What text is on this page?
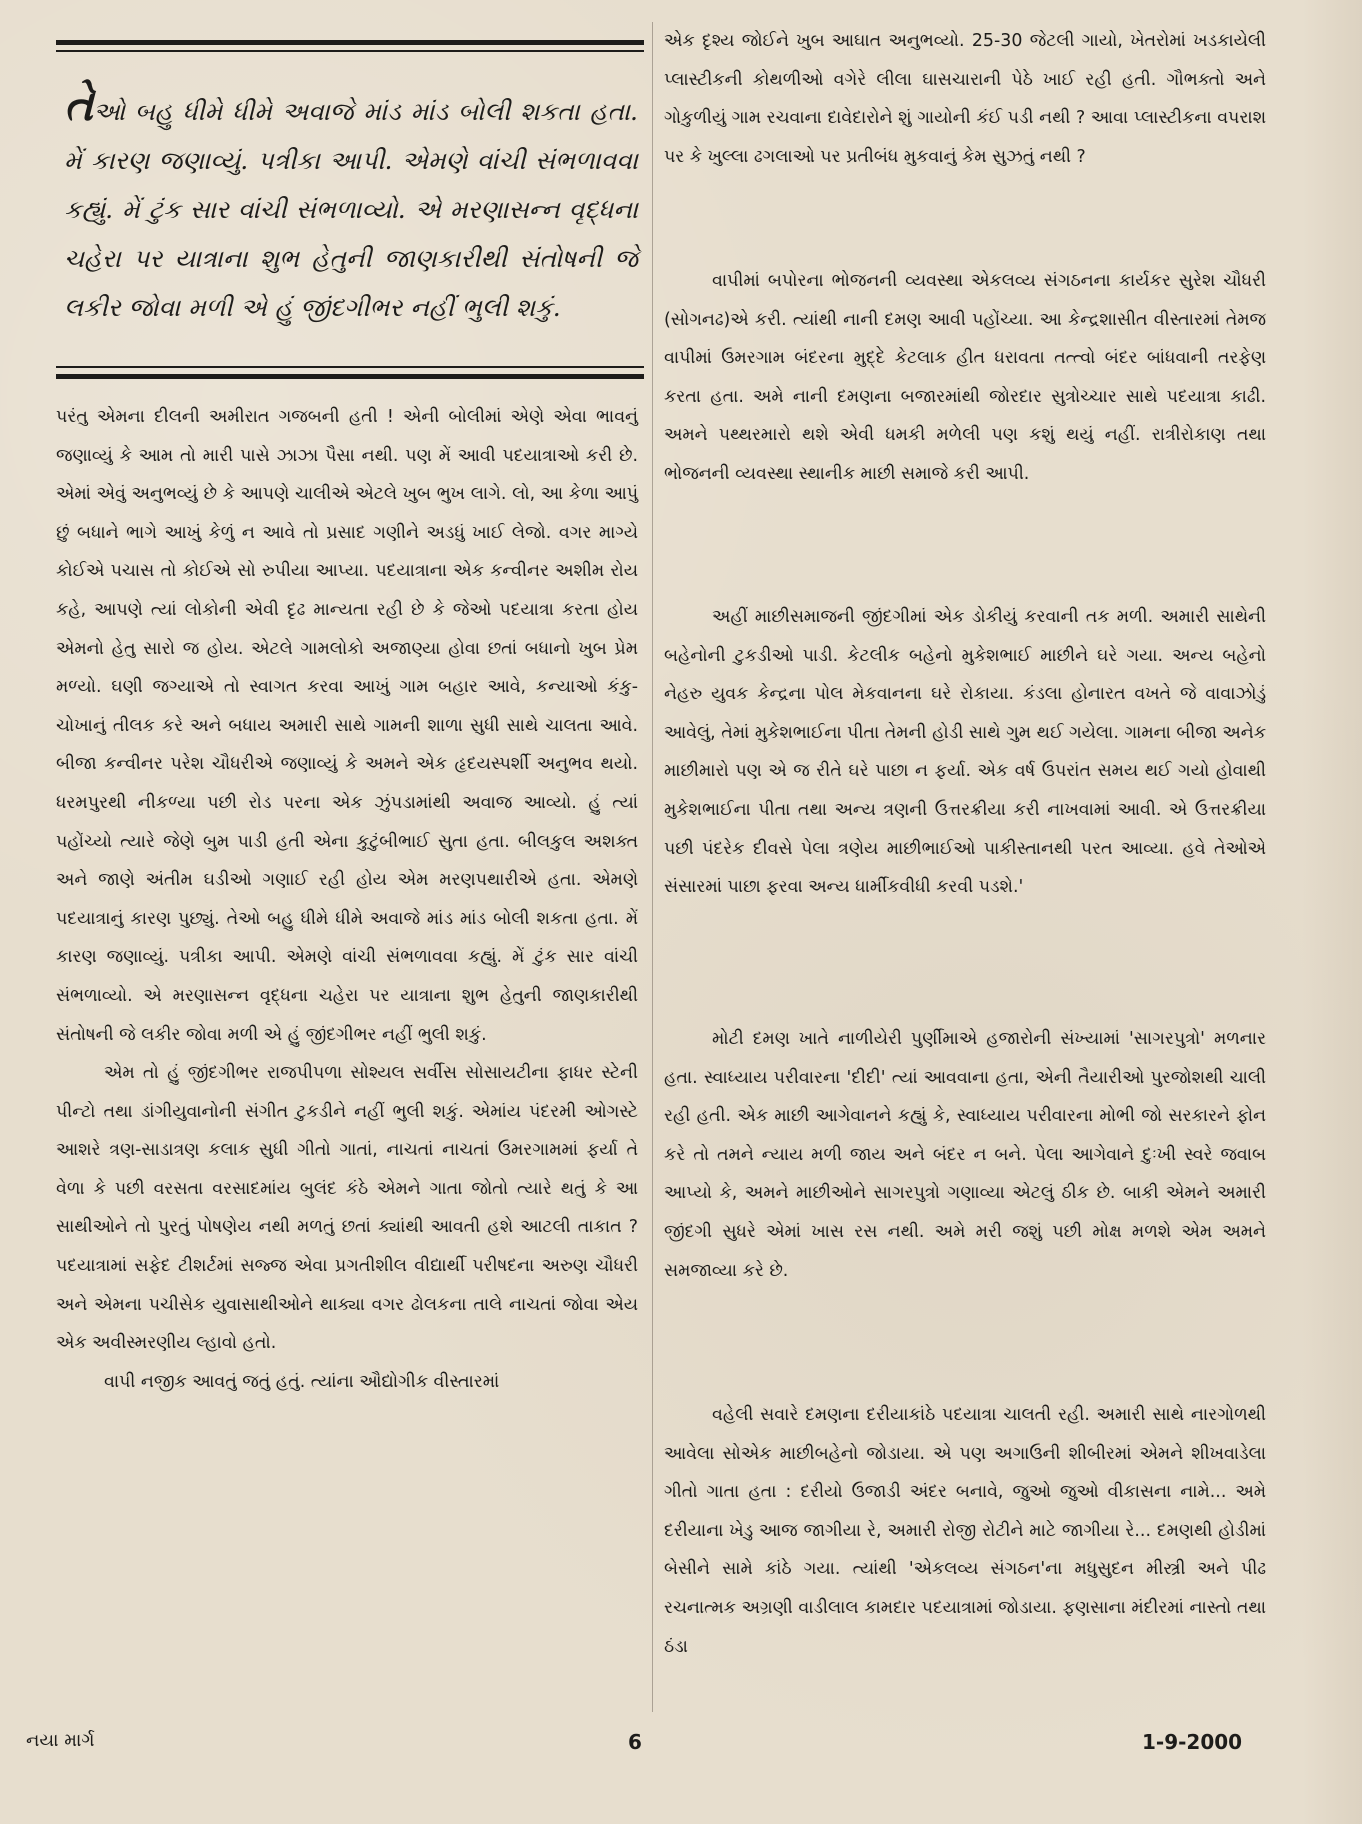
તેઓ બહુ ધીમે ધીમે અવાજે માંડ માંડ બોલી શકતા હતા. મેં કારણ જણાવ્યું. પત્રીકા આપી. એમણે વાંચી સંભળાવવા કહ્યું. મેં ટુંક સાર વાંચી સંભળાવ્યો. એ મરણાસન્ન વૃદ્ધના ચહેરા પર યાત્રાના શુભ હેતુની જાણકારીથી સંતોષની જે લકીર જોવા મળી એ હું જીંદગીભર નહીં ભુલી શકું.

પરંતુ એમના દીલની અમીરાત ગજબની હતી ! એની બોલીમાં એણે એવા ભાવનું જણાવ્યું કે આમ તો મારી પાસે ઝાઝા પૈસા નથી. પણ મેં આવી પદયાત્રાઓ કરી છે. એમાં એવું અનુભવ્યું છે કે આપણે ચાલીએ એટલે ખુબ ભુખ લાગે. લો, આ કેળા આપું છું બધાને ભાગે આખું કેળું ન આવે તો પ્રસાદ ગણીને અડધું ખાઈ લેજો. વગર માગ્યે કોઈએ પચાસ તો કોઈએ સો રુપીયા આપ્યા. પદયાત્રાના એક કન્વીનર અશીમ રોય કહે, આપણે ત્યાં લોકોની એવી દૃઢ માન્યતા રહી છે કે જેઓ પદયાત્રા કરતા હોય એમનો હેતુ સારો જ હોય. એટલે ગામલોકો અજાણ્યા હોવા છતાં બધાનો ખુબ પ્રેમ મળ્યો. ઘણી જગ્યાએ તો સ્વાગત કરવા આખું ગામ બહાર આવે, કન્યાઓ કંકુ-ચોખાનું તીલક કરે અને બધાય અમારી સાથે ગામની શાળા સુધી સાથે ચાલતા આવે. બીજા કન્વીનર પરેશ ચૌધરીએ જણાવ્યું કે અમને એક હૃદયસ્પર્શી અનુભવ થયો. ધરમપુરથી નીકળ્યા પછી રોડ પરના એક ઝુંપડામાંથી અવાજ આવ્યો. હું ત્યાં પહોંચ્યો ત્યારે જેણે બુમ પાડી હતી એના કુટુંબીભાઈ સુતા હતા. બીલકુલ અશક્ત અને જાણે અંતીમ ઘડીઓ ગણાઈ રહી હોય એમ મરણપથારીએ હતા. એમણે પદયાત્રાનું કારણ પુછ્યું. તેઓ બહુ ધીમે ધીમે અવાજે માંડ માંડ બોલી શકતા હતા. મેં કારણ જણાવ્યું. પત્રીકા આપી. એમણે વાંચી સંભળાવવા કહ્યું. મેં ટુંક સાર વાંચી સંભળાવ્યો. એ મરણાસન્ન વૃદ્ધના ચહેરા પર યાત્રાના શુભ હેતુની જાણકારીથી સંતોષની જે લકીર જોવા મળી એ હું જીંદગીભર નહીં ભુલી શકું.

એમ તો હું જીંદગીભર રાજપીપળા સોશ્યલ સર્વીસ સોસાયટીના ફાધર સ્ટેની પીન્ટો તથા ડાંગીયુવાનોની સંગીત ટુકડીને નહીં ભુલી શકું. એમાંય પંદરમી ઓગસ્ટે આશરે ત્રણ-સાડાત્રણ કલાક સુધી ગીતો ગાતાં, નાચતાં નાચતાં ઉમરગામમાં ફર્યા તે વેળા કે પછી વરસતા વરસાદમાંય બુલંદ કંઠે એમને ગાતા જોતો ત્યારે થતું કે આ સાથીઓને તો પુરતું પોષણેય નથી મળતું છતાં ક્યાંથી આવતી હશે આટલી તાકાત ? પદયાત્રામાં સફેદ ટીશર્ટમાં સજ્જ એવા પ્રગતીશીલ વીદ્યાર્થી પરીષદના અરુણ ચૌધરી અને એમના પચીસેક યુવાસાથીઓને થાક્યા વગર ઢોલકના તાલે નાચતાં જોવા એય એક અવીસ્મરણીય લ્હાવો હતો.

વાપી નજીક આવતું જતું હતું. ત્યાંના ઔદ્યોગીક વીસ્તારમાં

એક દૃશ્ય જોઈને ખુબ આઘાત અનુભવ્યો. 25-30 જેટલી ગાયો, ખેતરોમાં ખડકાયેલી પ્લાસ્ટીકની કોથળીઓ વગેરે લીલા ઘાસચારાની પેઠે ખાઈ રહી હતી. ગૌભક્તો અને ગોકુળીયું ગામ રચવાના દાવેદારોને શું ગાયોની કંઈ પડી નથી ? આવા પ્લાસ્ટીકના વપરાશ પર કે ખુલ્લા ઢગલાઓ પર પ્રતીબંધ મુકવાનું કેમ સુઝતું નથી ?

વાપીમાં બપોરના ભોજનની વ્યવસ્થા એકલવ્ય સંગઠનના કાર્યકર સુરેશ ચૌધરી (સોગનઢ)એ કરી. ત્યાંથી નાની દમણ આવી પહોંચ્યા. આ કેન્દ્રશાસીત વીસ્તારમાં તેમજ વાપીમાં ઉમરગામ બંદરના મુદ્દે કેટલાક હીત ધરાવતા તત્ત્વો બંદર બાંધવાની તરફેણ કરતા હતા. અમે નાની દમણના બજારમાંથી જોરદાર સુત્રોચ્ચાર સાથે પદયાત્રા કાઢી. અમને પથ્થરમારો થશે એવી ધમકી મળેલી પણ કશું થયું નહીં. રાત્રીરોકાણ તથા ભોજનની વ્યવસ્થા સ્થાનીક માછી સમાજે કરી આપી.

અહીં માછીસમાજની જીંદગીમાં એક ડોકીયું કરવાની તક મળી. અમારી સાથેની બહેનોની ટુકડીઓ પાડી. કેટલીક બહેનો મુકેશભાઈ માછીને ઘરે ગયા. અન્ય બહેનો નેહરુ યુવક કેન્દ્રના પોલ મેકવાનના ઘરે રોકાયા. કંડલા હોનારત વખતે જે વાવાઝોડું આવેલું, તેમાં મુકેશભાઈના પીતા તેમની હોડી સાથે ગુમ થઈ ગયેલા. ગામના બીજા અનેક માછીમારો પણ એ જ રીતે ઘરે પાછા ન ફર્યા. એક વર્ષ ઉપરાંત સમય થઈ ગયો હોવાથી મુકેશભાઈના પીતા તથા અન્ય ત્રણની ઉત્તરક્રીયા કરી નાખવામાં આવી. એ ઉત્તરક્રીયા પછી પંદરેક દીવસે પેલા ત્રણેય માછીભાઈઓ પાકીસ્તાનથી પરત આવ્યા. હવે તેઓએ સંસારમાં પાછા ફરવા અન્ય ધાર્મીકવીધી કરવી પડશે.'

મોટી દમણ ખાતે નાળીયેરી પુર્ણીમાએ હજારોની સંખ્યામાં 'સાગરપુત્રો' મળનાર હતા. સ્વાધ્યાય પરીવારના 'દીદી' ત્યાં આવવાના હતા, એની તૈયારીઓ પુરજોશથી ચાલી રહી હતી. એક માછી આગેવાનને કહ્યું કે, સ્વાધ્યાય પરીવારના મોભી જો સરકારને ફોન કરે તો તમને ન્યાય મળી જાય અને બંદર ન બને. પેલા આગેવાને દુઃખી સ્વરે જવાબ આપ્યો કે, અમને માછીઓને સાગરપુત્રો ગણાવ્યા એટલું ઠીક છે. બાકી એમને અમારી જીંદગી સુધરે એમાં ખાસ રસ નથી. અમે મરી જશું પછી મોક્ષ મળશે એમ અમને સમજાવ્યા કરે છે.

વહેલી સવારે દમણના દરીયાકાંઠે પદયાત્રા ચાલતી રહી. અમારી સાથે નારગોળથી આવેલા સોએક માછીબહેનો જોડાયા. એ પણ અગાઉની શીબીરમાં એમને શીખવાડેલા ગીતો ગાતા હતા : દરીયો ઉજાડી અંદર બનાવે, જુઓ જુઓ વીકાસના નામે... અમે દરીયાના ખેડુ આજ જાગીયા રે, અમારી રોજી રોટીને માટે જાગીયા રે... દમણથી હોડીમાં બેસીને સામે કાંઠે ગયા. ત્યાંથી 'એકલવ્ય સંગઠન'ના મધુસુદન મીસ્ત્રી અને પીઢ રચનાત્મક અગ્રણી વાડીલાલ કામદાર પદયાત્રામાં જોડાયા. ફણસાના મંદીરમાં નાસ્તો તથા ઠંડા

નયા માર્ગ	6	1-9-2000
